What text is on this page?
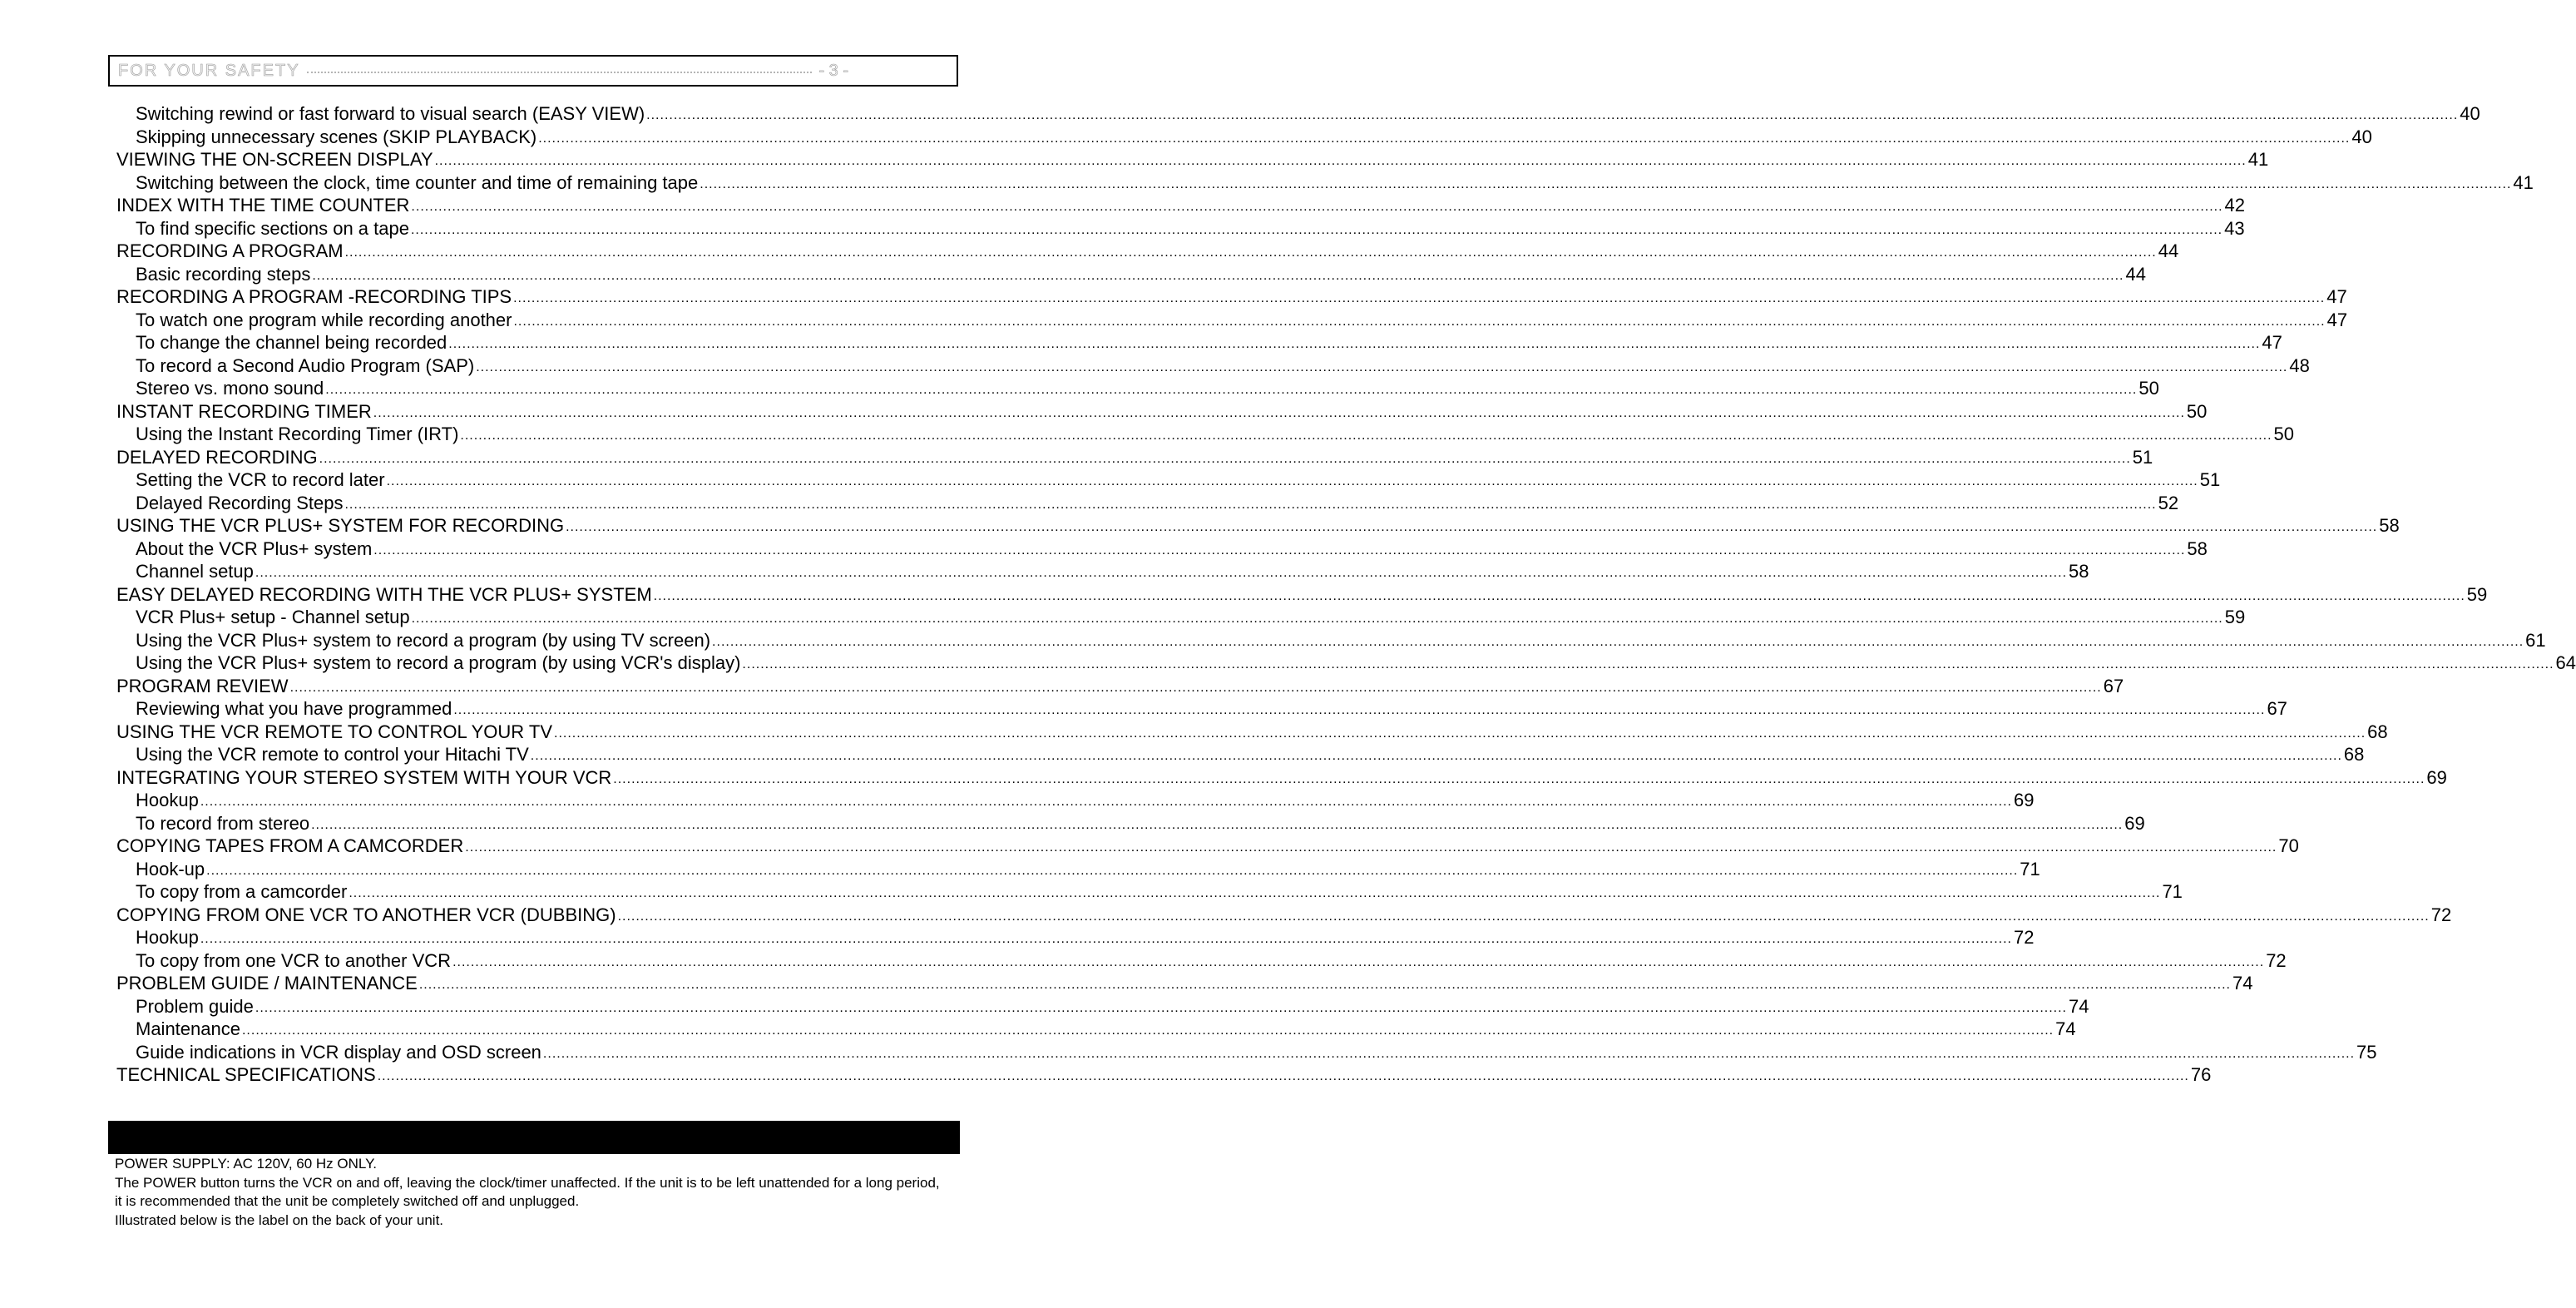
FOR YOUR SAFETY	- 3 -
Switching rewind or fast forward to visual search (EASY VIEW) ................................................................................................................................................................................................................................................................................................................................................................................................................ 40
Skipping unnecessary scenes (SKIP PLAYBACK) ................................................................................................................................................................................................................................................................................................................................................................................................................ 40
VIEWING THE ON-SCREEN DISPLAY ................................................................................................................................................................................................................................................................................................................................................................................................................ 41
Switching between the clock, time counter and time of remaining tape ................................................................................................................................................................................................................................................................................................................................................................................................................ 41
INDEX WITH THE TIME COUNTER ................................................................................................................................................................................................................................................................................................................................................................................................................ 42
To find specific sections on a tape ................................................................................................................................................................................................................................................................................................................................................................................................................ 43
RECORDING A PROGRAM ................................................................................................................................................................................................................................................................................................................................................................................................................ 44
Basic recording steps ................................................................................................................................................................................................................................................................................................................................................................................................................ 44
RECORDING A PROGRAM -RECORDING TIPS ................................................................................................................................................................................................................................................................................................................................................................................................................ 47
To watch one program while recording another ................................................................................................................................................................................................................................................................................................................................................................................................................ 47
To change the channel being recorded ................................................................................................................................................................................................................................................................................................................................................................................................................ 47
To record a Second Audio Program (SAP) ................................................................................................................................................................................................................................................................................................................................................................................................................ 48
Stereo vs. mono sound ................................................................................................................................................................................................................................................................................................................................................................................................................ 50
INSTANT RECORDING TIMER ................................................................................................................................................................................................................................................................................................................................................................................................................ 50
Using the Instant Recording Timer (IRT) ................................................................................................................................................................................................................................................................................................................................................................................................................ 50
DELAYED RECORDING ................................................................................................................................................................................................................................................................................................................................................................................................................ 51
Setting the VCR to record later ................................................................................................................................................................................................................................................................................................................................................................................................................ 51
Delayed Recording Steps ................................................................................................................................................................................................................................................................................................................................................................................................................ 52
USING THE VCR PLUS+ SYSTEM FOR RECORDING ................................................................................................................................................................................................................................................................................................................................................................................................................ 58
About the VCR Plus+ system ................................................................................................................................................................................................................................................................................................................................................................................................................ 58
Channel setup ................................................................................................................................................................................................................................................................................................................................................................................................................ 58
EASY DELAYED RECORDING WITH THE VCR PLUS+ SYSTEM ................................................................................................................................................................................................................................................................................................................................................................................................................ 59
VCR Plus+ setup - Channel setup ................................................................................................................................................................................................................................................................................................................................................................................................................ 59
Using the VCR Plus+ system to record a program (by using TV screen) ................................................................................................................................................................................................................................................................................................................................................................................................................ 61
Using the VCR Plus+ system to record a program (by using VCR's display) ................................................................................................................................................................................................................................................................................................................................................................................................................ 64
PROGRAM REVIEW ................................................................................................................................................................................................................................................................................................................................................................................................................ 67
Reviewing what you have programmed ................................................................................................................................................................................................................................................................................................................................................................................................................ 67
USING THE VCR REMOTE TO CONTROL YOUR TV ................................................................................................................................................................................................................................................................................................................................................................................................................ 68
Using the VCR remote to control your Hitachi TV ................................................................................................................................................................................................................................................................................................................................................................................................................ 68
INTEGRATING YOUR STEREO SYSTEM WITH YOUR VCR ................................................................................................................................................................................................................................................................................................................................................................................................................ 69
Hookup ................................................................................................................................................................................................................................................................................................................................................................................................................ 69
To record from stereo ................................................................................................................................................................................................................................................................................................................................................................................................................ 69
COPYING TAPES FROM A CAMCORDER ................................................................................................................................................................................................................................................................................................................................................................................................................ 70
Hook-up ................................................................................................................................................................................................................................................................................................................................................................................................................ 71
To copy from a camcorder ................................................................................................................................................................................................................................................................................................................................................................................................................ 71
COPYING FROM ONE VCR TO ANOTHER VCR (DUBBING) ................................................................................................................................................................................................................................................................................................................................................................................................................ 72
Hookup ................................................................................................................................................................................................................................................................................................................................................................................................................ 72
To copy from one VCR to another VCR ................................................................................................................................................................................................................................................................................................................................................................................................................ 72
PROBLEM GUIDE / MAINTENANCE ................................................................................................................................................................................................................................................................................................................................................................................................................ 74
Problem guide ................................................................................................................................................................................................................................................................................................................................................................................................................ 74
Maintenance ................................................................................................................................................................................................................................................................................................................................................................................................................ 74
Guide indications in VCR display and OSD screen ................................................................................................................................................................................................................................................................................................................................................................................................................ 75
TECHNICAL SPECIFICATIONS ................................................................................................................................................................................................................................................................................................................................................................................................................ 76

POWER SUPPLY: AC 120V, 60 Hz ONLY.

The POWER button turns the VCR on and off, leaving the clock/timer unaffected. If the unit is to be left unattended for a long period, it is recommended that the unit be completely switched off and unplugged.

Illustrated below is the label on the back of your unit.
